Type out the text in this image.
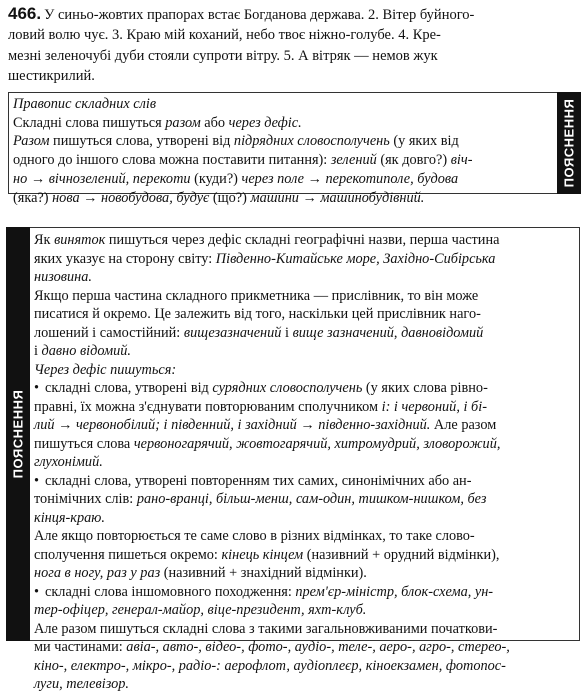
466. У синьо-жовтих прапорах встає Богданова держава. 2. Вітер буйного-
ловий волю чує. 3. Краю мій коханий, небо твоє ніжно-голубе. 4. Кре-
мезні зеленочубі дуби стояли супроти вітру. 5. А вітряк — немов жук
шестикрилий.
Правопис складних слів
Складні слова пишуться разом або через дефіс.
Разом пишуться слова, утворені від підрядних словосполучень (у яких від
одного до іншого слова можна поставити питання): зелений (як довго?) віч-
но → вічнозелений, перекоти (куди?) через поле → перекотиполе, будова
(яка?) нова → новобудова, будує (що?) машини → машинобудівний.
ПОЯСНЕННЯ
ПОЯСНЕННЯ
Як виняток пишуться через дефіс складні географічні назви, перша частина
яких указує на сторону світу: Південно-Китайське море, Західно-Сибірська
низовина.
Якщо перша частина складного прикметника — прислівник, то він може
писатися й окремо. Це залежить від того, наскільки цей прислівник наго-
лошений і самостійний: вищезазначений і вище зазначений, давновідомий
і давно відомий.
Через дефіс пишуться:
• складні слова, утворені від сурядних словосполучень (у яких слова рівно-
правні, їх можна з'єднувати повторюваним сполучником і: і червоний, і бі-
лий → червонобілий; і південний, і західний → південно-західний. Але разом
пишуться слова червоногарячий, жовтогарячий, хитромудрий, зловорожий,
глухонімий.
• складні слова, утворені повторенням тих самих, синонімічних або ан-
тонімічних слів: рано-вранці, більш-менш, сам-один, тишком-нишком, без
кінця-краю.
Але якщо повторюється те саме слово в різних відмінках, то таке слово-
сполучення пишеться окремо: кінець кінцем (називний + орудний відмінки),
нога в ногу, раз у раз (називний + знахідний відмінки).
• складні слова іншомовного походження: прем'єр-міністр, блок-схема, ун-
тер-офіцер, генерал-майор, віце-президент, яхт-клуб.
Але разом пишуться складні слова з такими загальновживаними початкови-
ми частинами: авіа-, авто-, відео-, фото-, аудіо-, теле-, аеро-, агро-, стерео-,
кіно-, електро-, мікро-, радіо-: аерофлот, аудіоплеєр, кіноекзамен, фотопос-
луги, телевізор.
